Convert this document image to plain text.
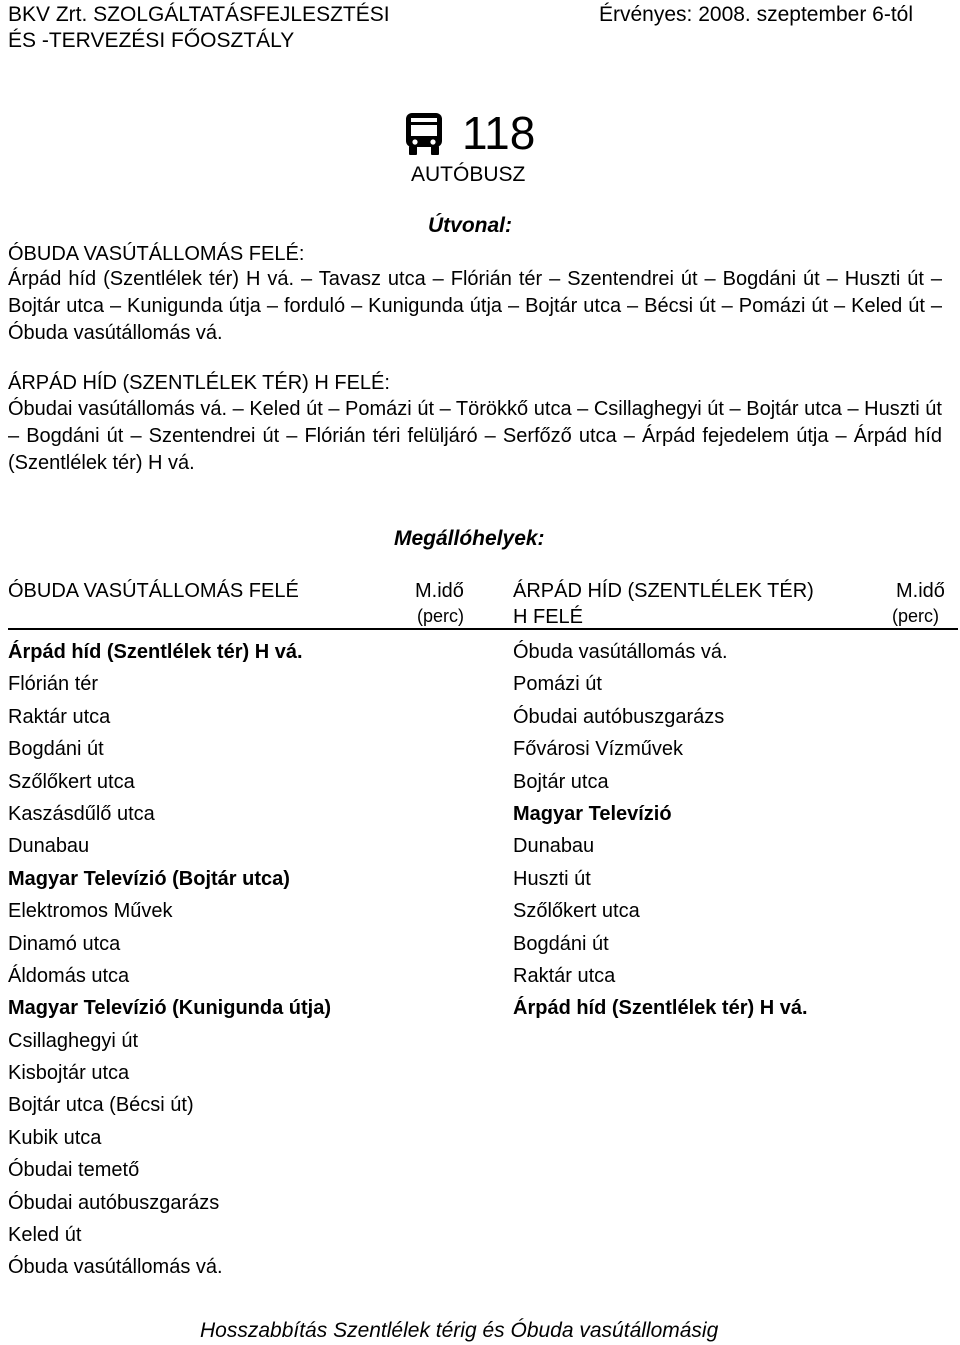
BKV Zrt. SZOLGÁLTATÁSFEJLESZTÉSI
ÉS -TERVEZÉSI FŐOSZTÁLY
Érvényes: 2008. szeptember 6-tól
118
AUTÓBUSZ
Útvonal:
ÓBUDA VASÚTÁLLOMÁS FELÉ:
Árpád híd (Szentlélek tér) H vá. – Tavasz utca – Flórián tér – Szentendrei út – Bogdáni út – Huszti út – Bojtár utca – Kunigunda útja – forduló – Kunigunda útja – Bojtár utca – Bécsi út – Pomázi út – Keled út – Óbuda vasútállomás vá.
ÁRPÁD HÍD (SZENTLÉLEK TÉR) H FELÉ:
Óbudai vasútállomás vá. – Keled út – Pomázi út – Törökkő utca – Csillaghegyi út – Bojtár utca – Huszti út – Bogdáni út – Szentendrei út – Flórián téri felüljáró – Serfőző utca – Árpád fejedelem útja – Árpád híd (Szentlélek tér) H vá.
Megállóhelyek:
ÓBUDA VASÚTÁLLOMÁS FELÉ	M.idő
(perc)
ÁRPÁD HÍD (SZENTLÉLEK TÉR)
H FELÉ
M.idő
(perc)
Árpád híd (Szentlélek tér) H vá.
Flórián tér
Raktár utca
Bogdáni út
Szőlőkert utca
Kaszásdűlő utca
Dunabau
Magyar Televízió (Bojtár utca)
Elektromos Művek
Dinamó utca
Áldomás utca
Magyar Televízió (Kunigunda útja)
Csillaghegyi út
Kisbojtár utca
Bojtár utca (Bécsi út)
Kubik utca
Óbudai temető
Óbudai autóbuszgarázs
Keled út
Óbuda vasútállomás vá.
Óbuda vasútállomás vá.
Pomázi út
Óbudai autóbuszgarázs
Fővárosi Vízművek
Bojtár utca
Magyar Televízió
Dunabau
Huszti út
Szőlőkert utca
Bogdáni út
Raktár utca
Árpád híd (Szentlélek tér) H vá.
Hosszabbítás Szentlélek térig és Óbuda vasútállomásig
